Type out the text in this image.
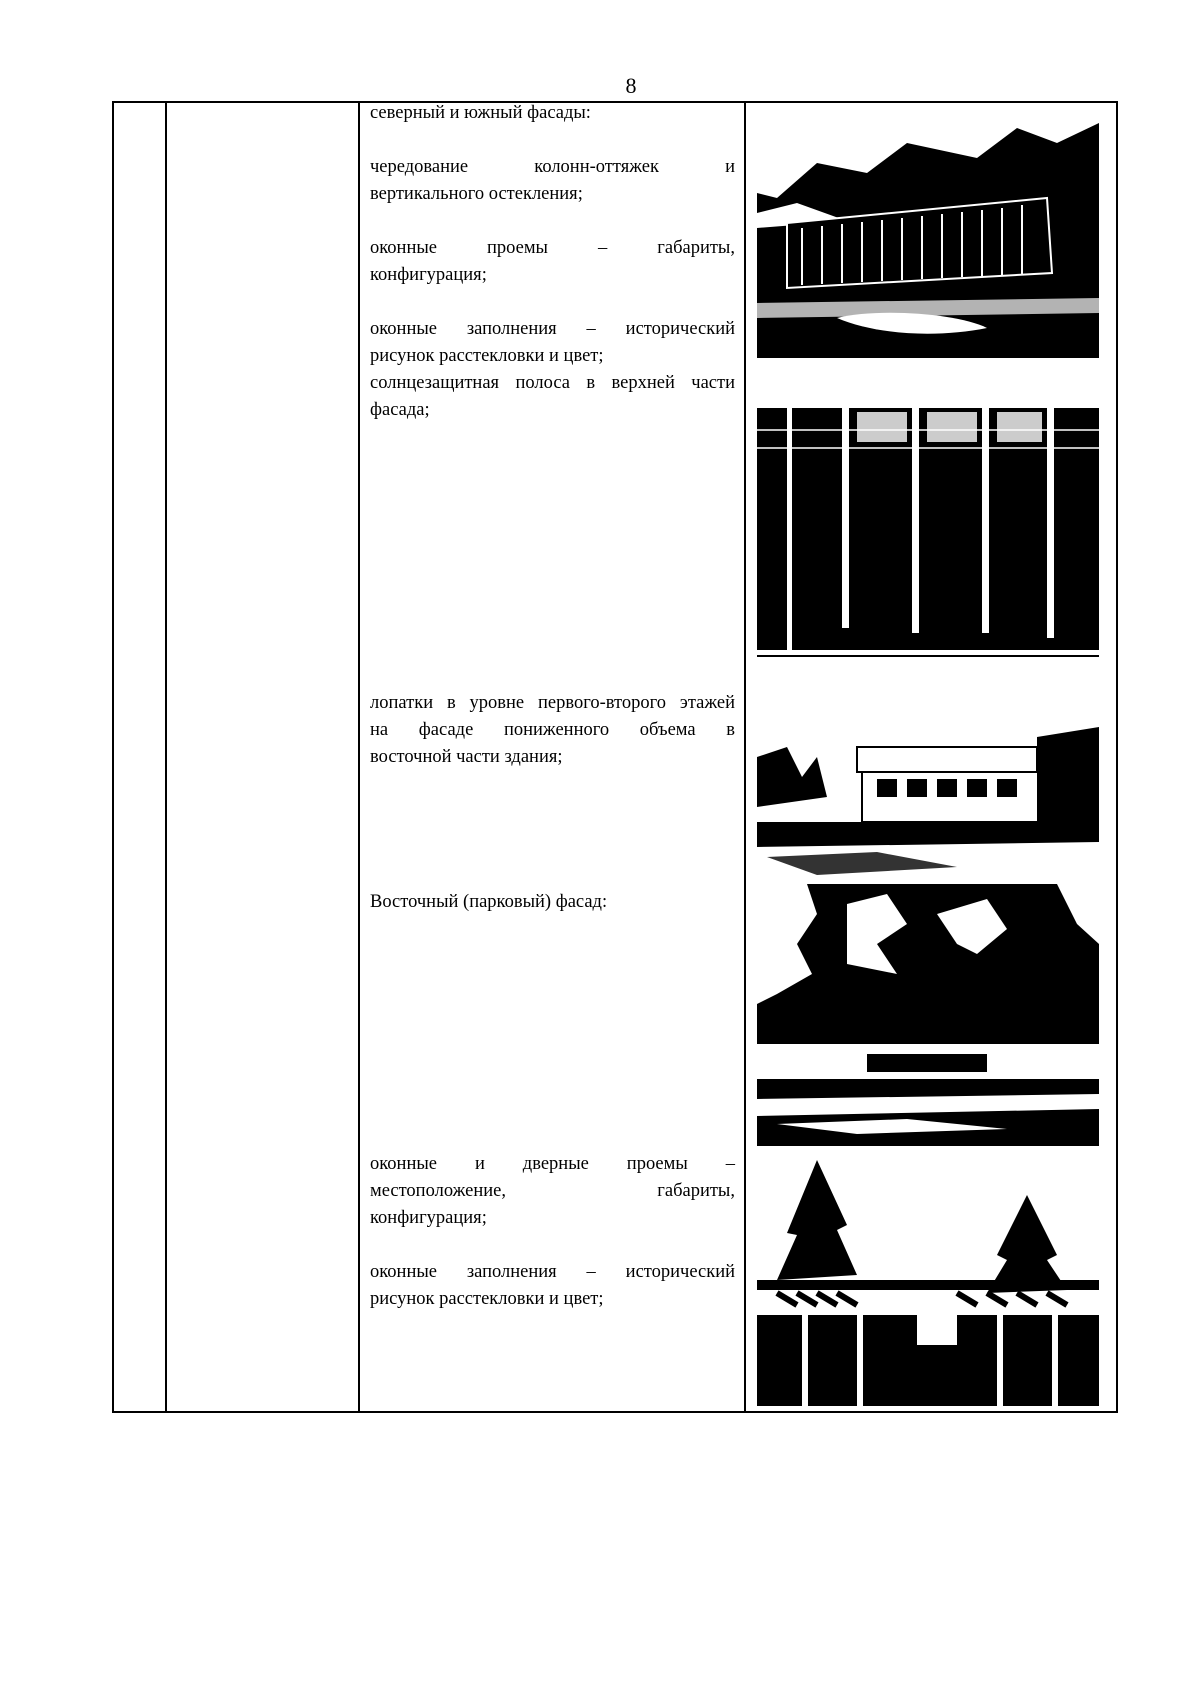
8

северный и южный фасады:

чередование колонн-оттяжек и
вертикального остекления;

оконные проемы – габариты,
конфигурация;

оконные заполнения – исторический
рисунок расстекловки и цвет;
солнцезащитная полоса в верхней части
фасада;

лопатки в уровне первого-второго этажей
на фасаде пониженного объема в
восточной части здания;

Восточный (парковый) фасад:

оконные и дверные проемы –
местоположение, габариты,
конфигурация;

оконные заполнения – исторический
рисунок расстекловки и цвет;
